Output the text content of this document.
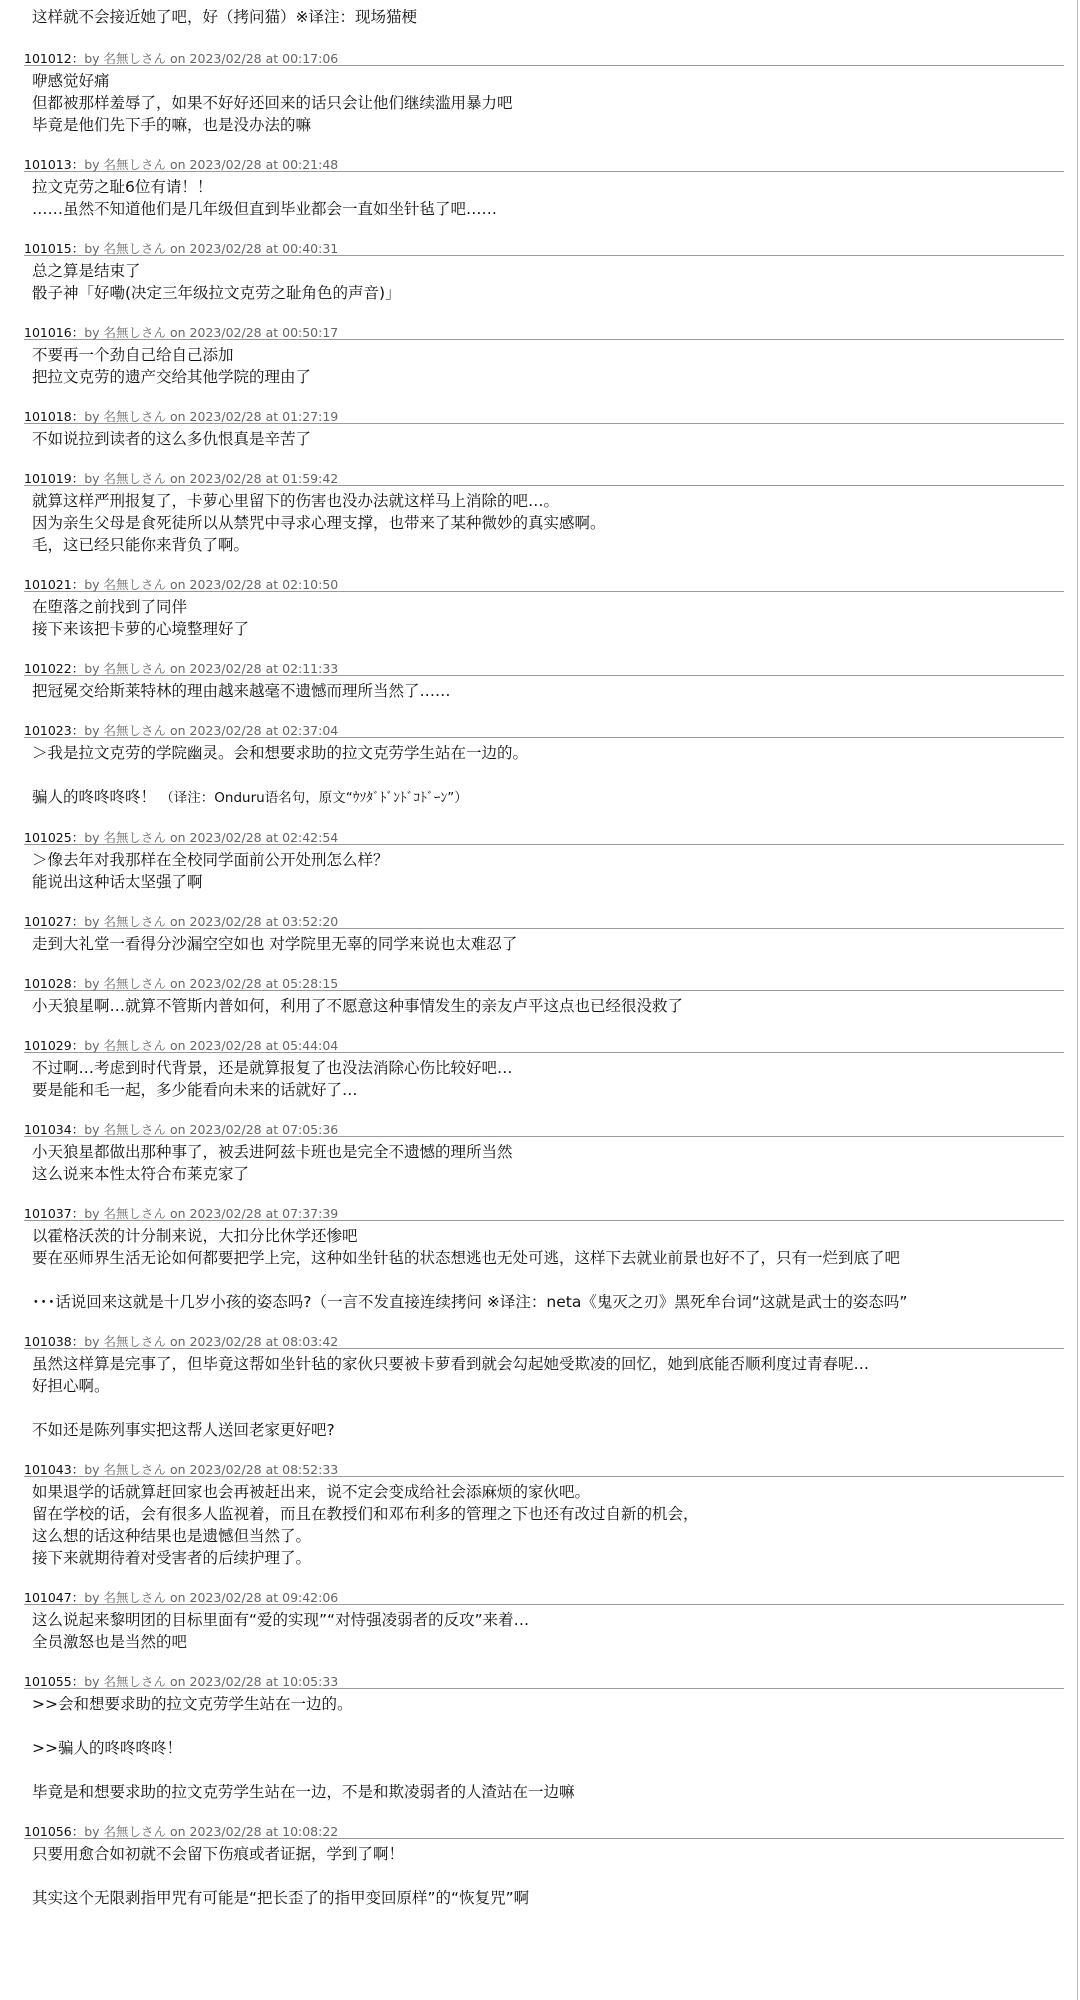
这样就不会接近她了吧，好（拷问猫）※译注：现场猫梗
101012：by 名無しさん on 2023/02/28 at 00:17:06
咿感觉好痛
但都被那样羞辱了，如果不好好还回来的话只会让他们继续滥用暴力吧
毕竟是他们先下手的嘛，也是没办法的嘛
101013：by 名無しさん on 2023/02/28 at 00:21:48
拉文克劳之耻6位有请！！
……虽然不知道他们是几年级但直到毕业都会一直如坐针毡了吧……
101015：by 名無しさん on 2023/02/28 at 00:40:31
总之算是结束了
骰子神「好嘞(决定三年级拉文克劳之耻角色的声音)」
101016：by 名無しさん on 2023/02/28 at 00:50:17
不要再一个劲自己给自己添加
把拉文克劳的遗产交给其他学院的理由了
101018：by 名無しさん on 2023/02/28 at 01:27:19
不如说拉到读者的这么多仇恨真是辛苦了
101019：by 名無しさん on 2023/02/28 at 01:59:42
就算这样严刑报复了，卡萝心里留下的伤害也没办法就这样马上消除的吧…。
因为亲生父母是食死徒所以从禁咒中寻求心理支撑，也带来了某种微妙的真实感啊。
毛，这已经只能你来背负了啊。
101021：by 名無しさん on 2023/02/28 at 02:10:50
在堕落之前找到了同伴
接下来该把卡萝的心境整理好了
101022：by 名無しさん on 2023/02/28 at 02:11:33
把冠冕交给斯莱特林的理由越来越毫不遗憾而理所当然了……
101023：by 名無しさん on 2023/02/28 at 02:37:04
＞我是拉文克劳的学院幽灵。会和想要求助的拉文克劳学生站在一边的。

骗人的咚咚咚咚！ （译注：Onduru语名句，原文“ｳｿﾀﾞﾄﾞﾝﾄﾞｺﾄﾞｰﾝ”）
101025：by 名無しさん on 2023/02/28 at 02:42:54
＞像去年对我那样在全校同学面前公开处刑怎么样？
能说出这种话太坚强了啊
101027：by 名無しさん on 2023/02/28 at 03:52:20
走到大礼堂一看得分沙漏空空如也 对学院里无辜的同学来说也太难忍了
101028：by 名無しさん on 2023/02/28 at 05:28:15
小天狼星啊…就算不管斯内普如何，利用了不愿意这种事情发生的亲友卢平这点也已经很没救了
101029：by 名無しさん on 2023/02/28 at 05:44:04
不过啊…考虑到时代背景，还是就算报复了也没法消除心伤比较好吧…
要是能和毛一起，多少能看向未来的话就好了…
101034：by 名無しさん on 2023/02/28 at 07:05:36
小天狼星都做出那种事了，被丢进阿兹卡班也是完全不遗憾的理所当然
这么说来本性太符合布莱克家了
101037：by 名無しさん on 2023/02/28 at 07:37:39
以霍格沃茨的计分制来说，大扣分比休学还惨吧
要在巫师界生活无论如何都要把学上完，这种如坐针毡的状态想逃也无处可逃，这样下去就业前景也好不了，只有一烂到底了吧

･･･话说回来这就是十几岁小孩的姿态吗?（一言不发直接连续拷问 ※译注：neta《鬼灭之刃》黑死牟台词“这就是武士的姿态吗”
101038：by 名無しさん on 2023/02/28 at 08:03:42
虽然这样算是完事了，但毕竟这帮如坐针毡的家伙只要被卡萝看到就会勾起她受欺凌的回忆，她到底能否顺利度过青春呢…
好担心啊。

不如还是陈列事实把这帮人送回老家更好吧?
101043：by 名無しさん on 2023/02/28 at 08:52:33
如果退学的话就算赶回家也会再被赶出来，说不定会变成给社会添麻烦的家伙吧。
留在学校的话，会有很多人监视着，而且在教授们和邓布利多的管理之下也还有改过自新的机会，
这么想的话这种结果也是遗憾但当然了。
接下来就期待着对受害者的后续护理了。
101047：by 名無しさん on 2023/02/28 at 09:42:06
这么说起来黎明团的目标里面有“爱的实现”“对恃强凌弱者的反攻”来着…
全员激怒也是当然的吧
101055：by 名無しさん on 2023/02/28 at 10:05:33
>>会和想要求助的拉文克劳学生站在一边的。

>>骗人的咚咚咚咚！

毕竟是和想要求助的拉文克劳学生站在一边，不是和欺凌弱者的人渣站在一边嘛
101056：by 名無しさん on 2023/02/28 at 10:08:22
只要用愈合如初就不会留下伤痕或者证据，学到了啊！

其实这个无限剥指甲咒有可能是“把长歪了的指甲变回原样”的“恢复咒”啊
